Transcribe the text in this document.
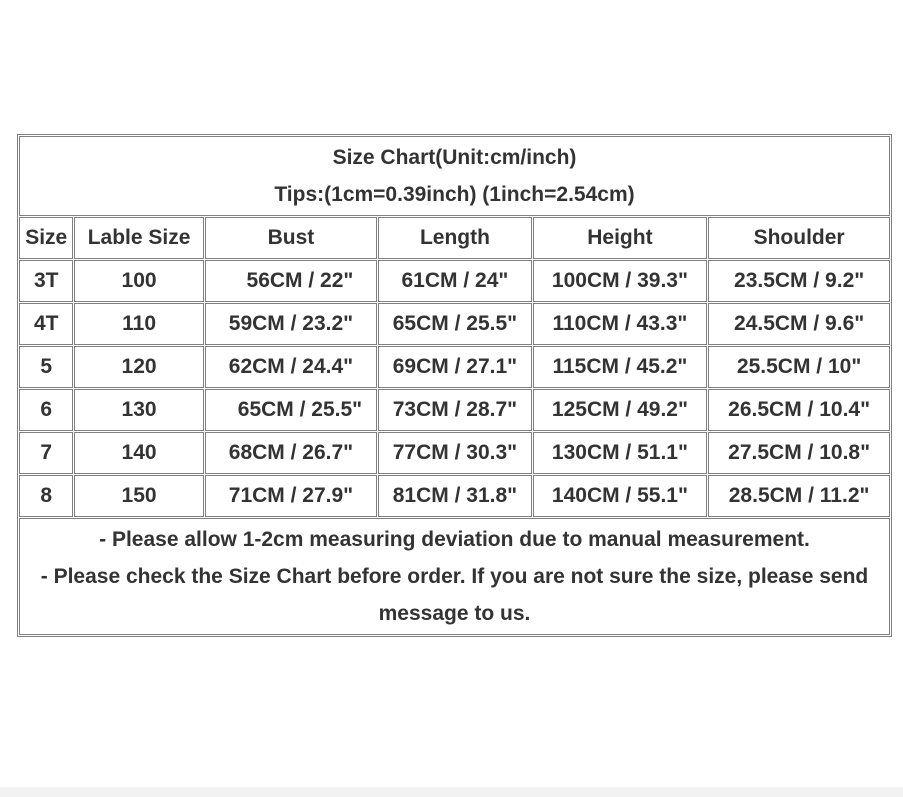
Size Chart(Unit:cm/inch)
Tips:(1cm=0.39inch) (1inch=2.54cm)					

Size	Lable Size	Bust	Length	Height	Shoulder
3T	100	56CM / 22"	61CM / 24"	100CM / 39.3"	23.5CM / 9.2"
4T	110	59CM / 23.2"	65CM / 25.5"	110CM / 43.3"	24.5CM / 9.6"
5	120	62CM / 24.4"	69CM / 27.1"	115CM / 45.2"	25.5CM / 10"
6	130	65CM / 25.5"	73CM / 28.7"	125CM / 49.2"	26.5CM / 10.4"
7	140	68CM / 26.7"	77CM / 30.3"	130CM / 51.1"	27.5CM / 10.8"
8	150	71CM / 27.9"	81CM / 31.8"	140CM / 55.1"	28.5CM / 11.2"

- Please allow 1-2cm measuring deviation due to manual measurement.
- Please check the Size Chart before order. If you are not sure the size, please send message to us.					
